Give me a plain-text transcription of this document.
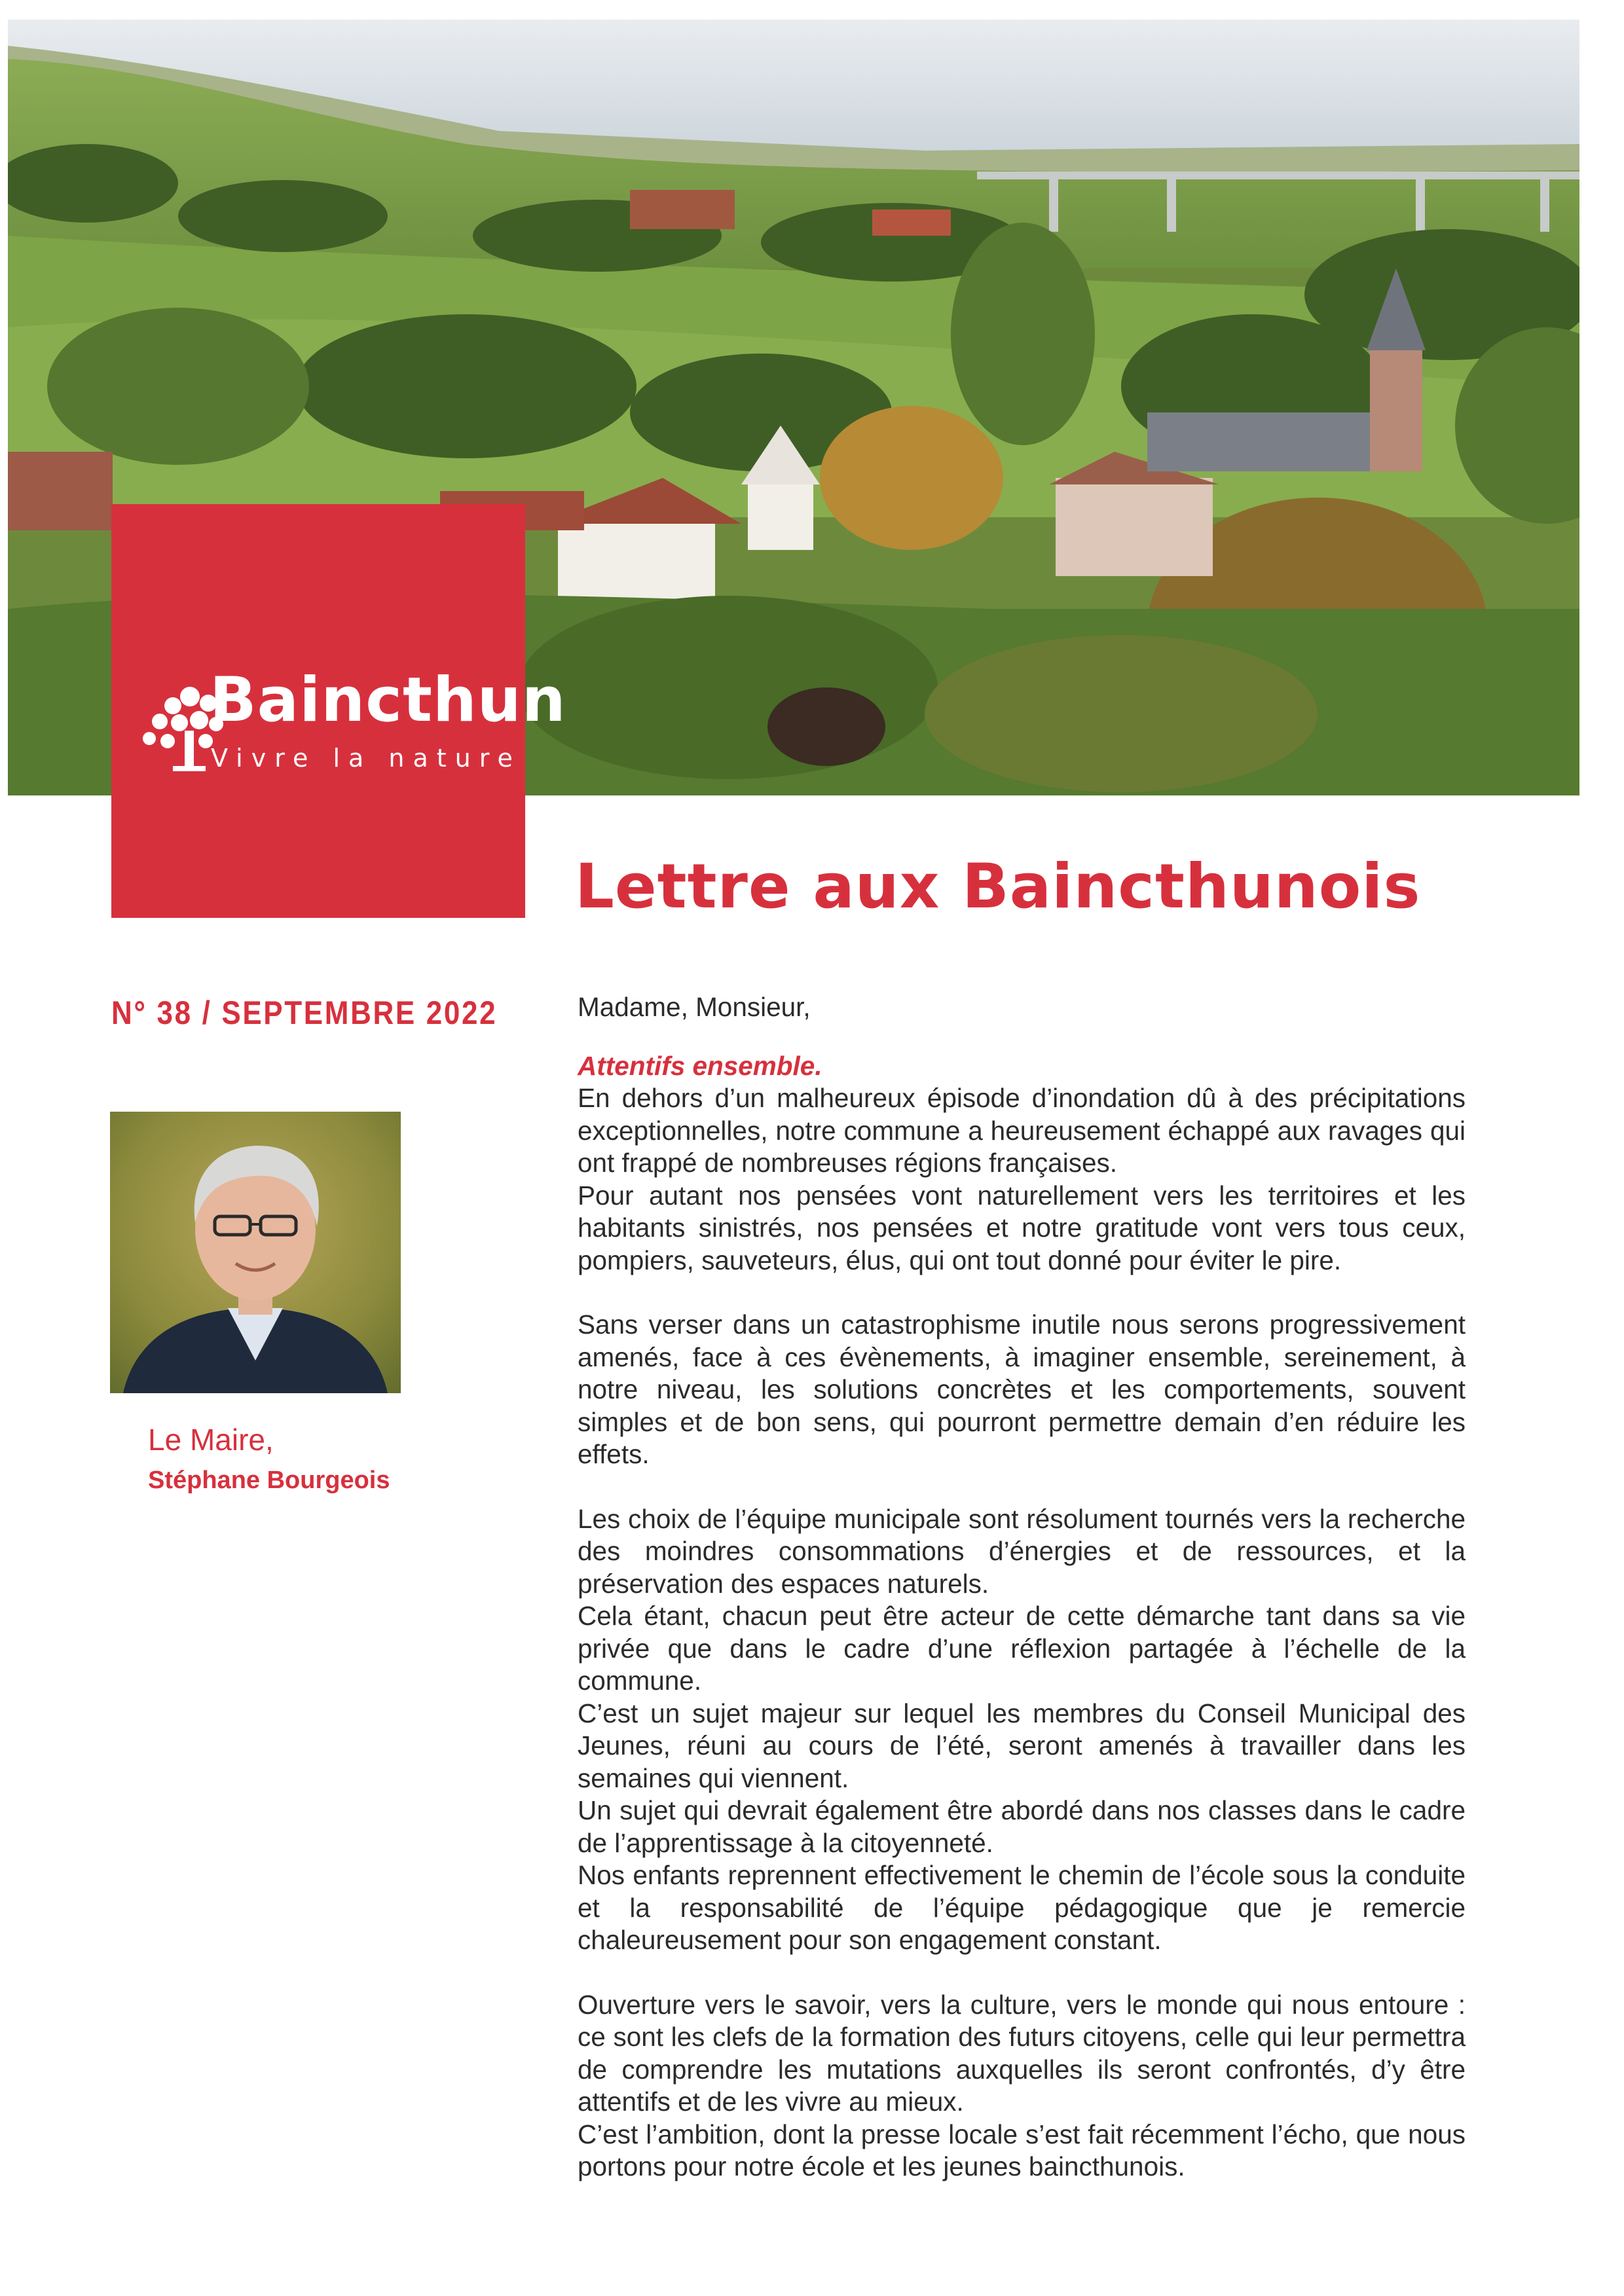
Baincthun
Vivre la nature
Lettre aux Baincthunois
N° 38 / SEPTEMBRE 2022
Le Maire,
Stéphane Bourgeois

Madame, Monsieur,

Attentifs ensemble.

En dehors d’un malheureux épisode d’inondation dû à des précipitations exceptionnelles, notre commune a heureusement échappé aux ravages qui ont frappé de nombreuses régions françaises.

Pour autant nos pensées vont naturellement vers les territoires et les habitants sinistrés, nos pensées et notre gratitude vont vers tous ceux, pompiers, sauveteurs, élus, qui ont tout donné pour éviter le pire.

Sans verser dans un catastrophisme inutile nous serons progressivement amenés, face à ces évènements, à imaginer ensemble, sereinement, à notre niveau, les solutions concrètes et les comportements, souvent simples et de bon sens, qui pourront permettre demain d’en réduire les effets.

Les choix de l’équipe municipale sont résolument tournés vers la recherche des moindres consommations d’énergies et de ressources, et la préservation des espaces naturels.

Cela étant, chacun peut être acteur de cette démarche tant dans sa vie privée que dans le cadre d’une réflexion partagée à l’échelle de la commune.

C’est un sujet majeur sur lequel les membres du Conseil Municipal des Jeunes, réuni au cours de l’été, seront amenés à travailler dans les semaines qui viennent.

Un sujet qui devrait également être abordé dans nos classes dans le cadre de l’apprentissage à la citoyenneté.

Nos enfants reprennent effectivement le chemin de l’école sous la conduite et la responsabilité de l’équipe pédagogique que je remercie chaleureusement pour son engagement constant.

Ouverture vers le savoir, vers la culture, vers le monde qui nous entoure : ce sont les clefs de la formation des futurs citoyens, celle qui leur permettra de comprendre les mutations auxquelles ils seront confrontés, d’y être attentifs et de les vivre au mieux.

C’est l’ambition, dont la presse locale s’est fait récemment l’écho, que nous portons pour notre école et les jeunes baincthunois.
